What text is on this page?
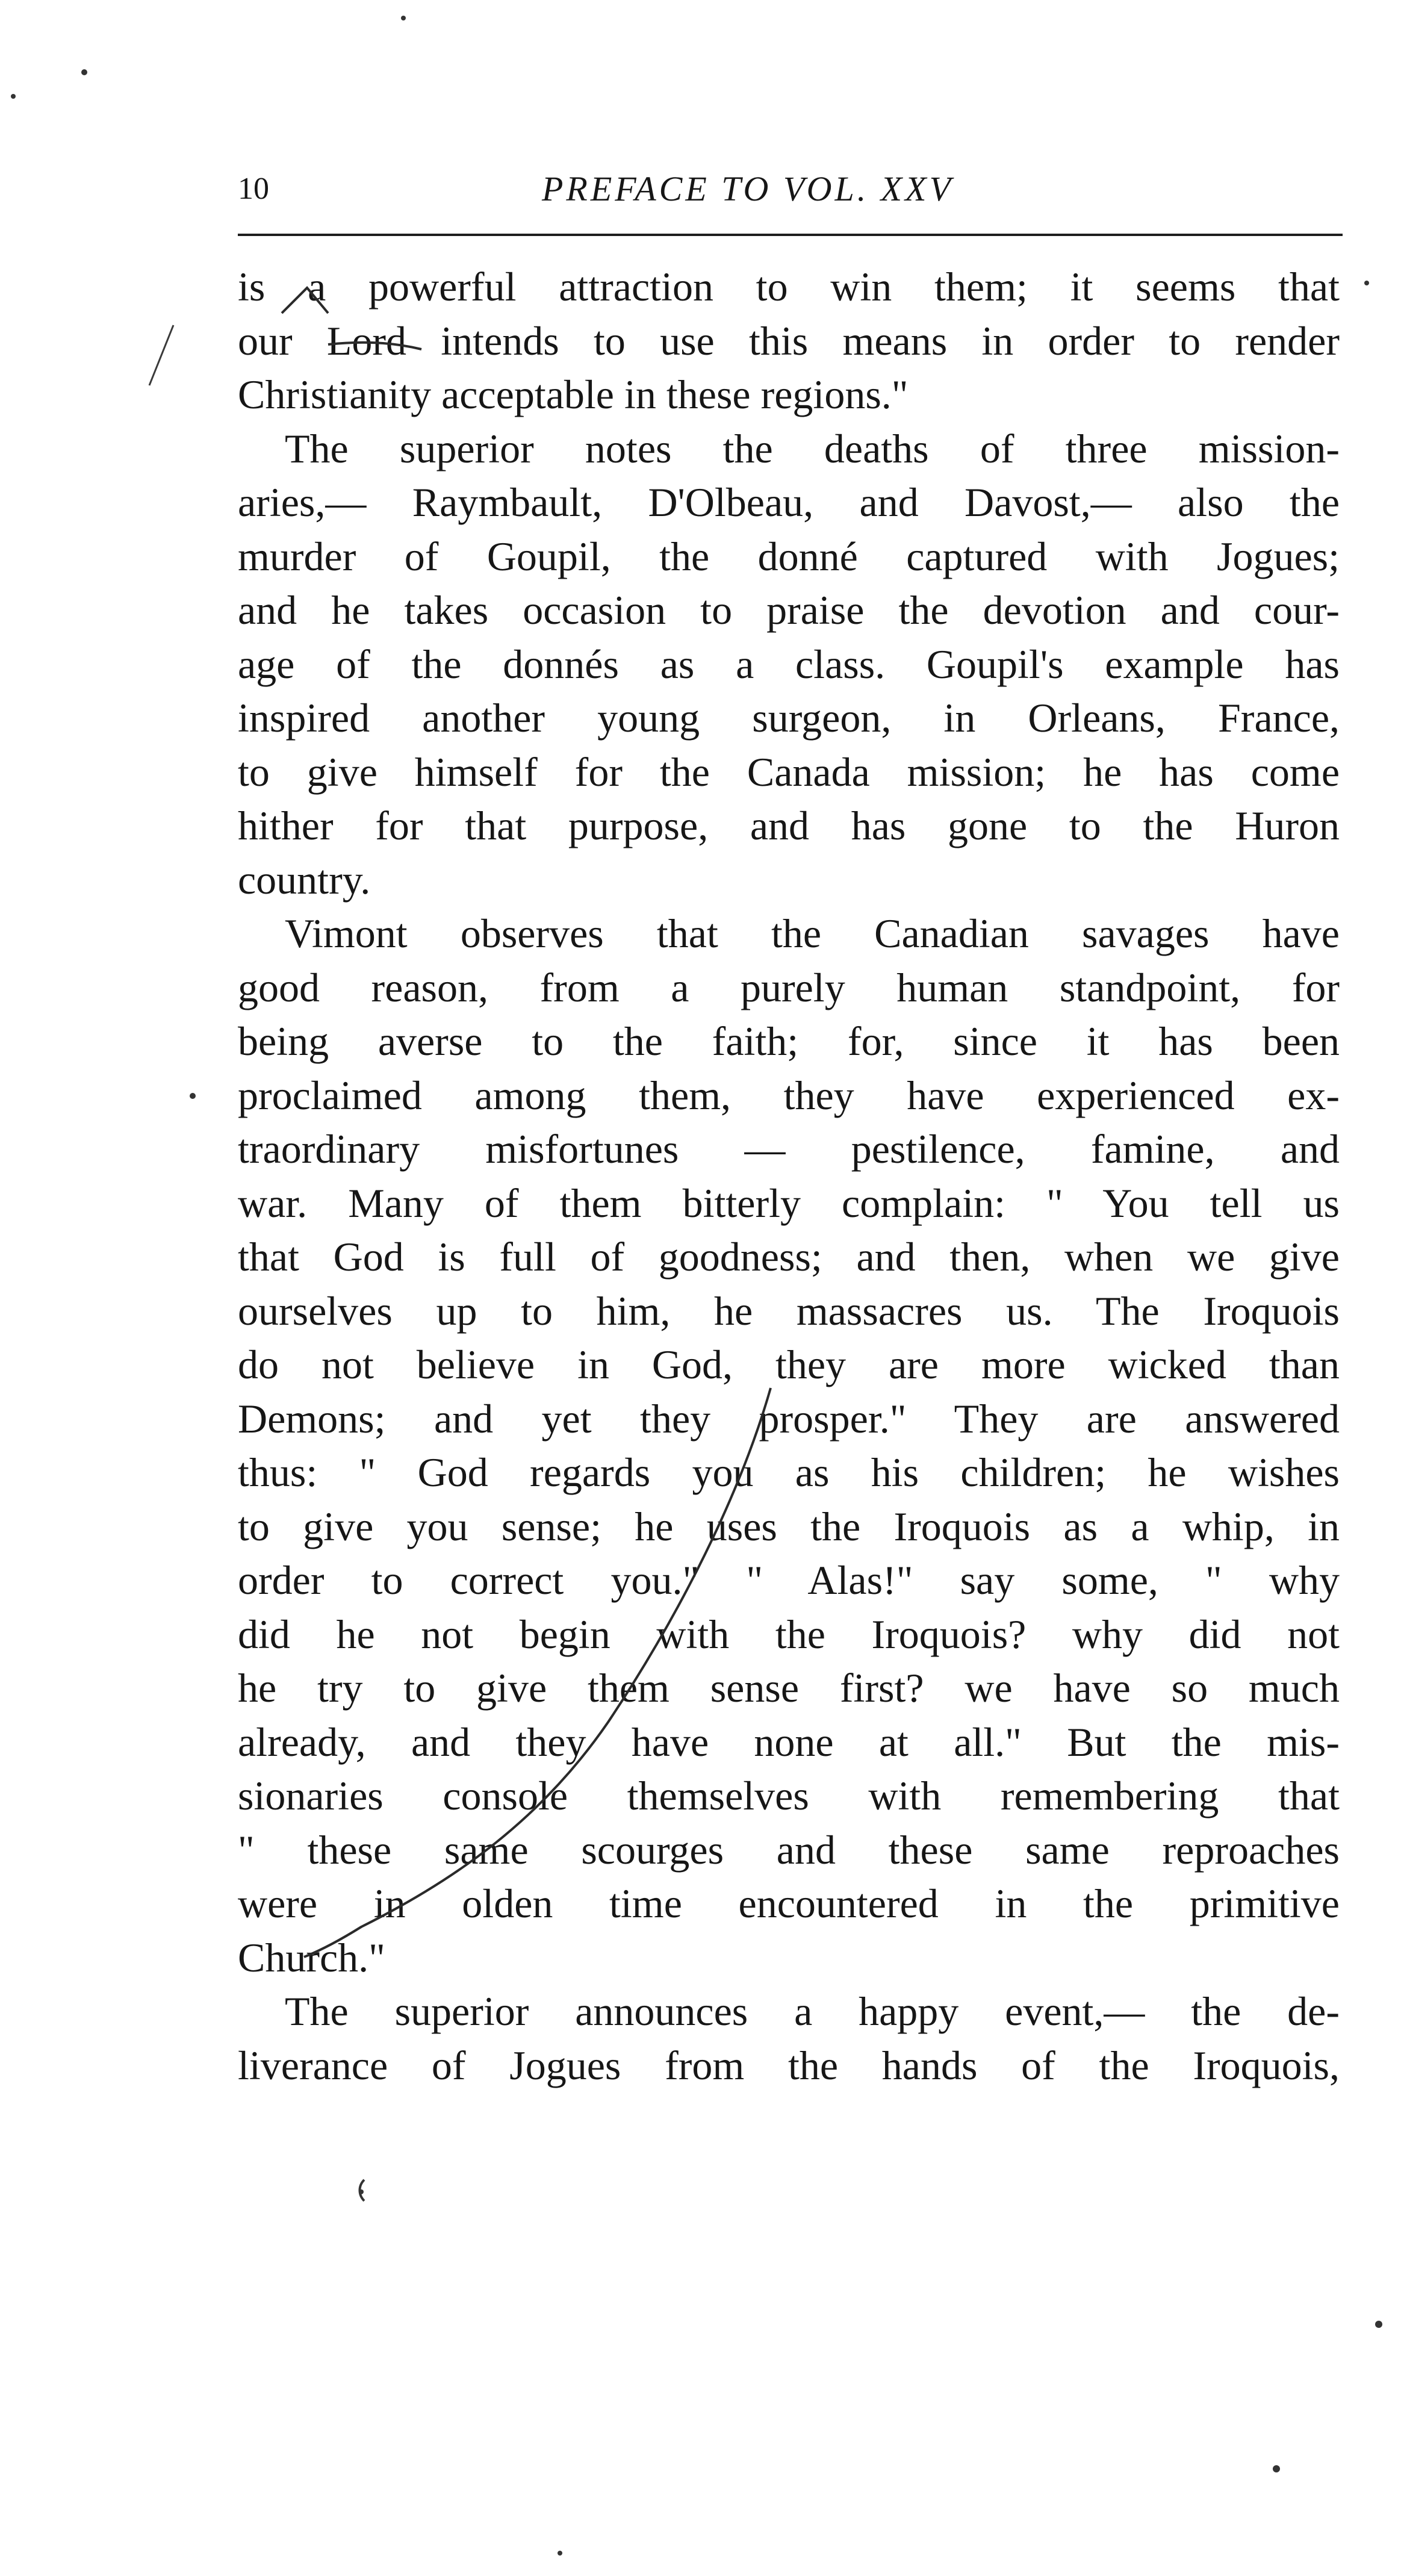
10	PREFACE TO VOL. XXV
is a powerful attraction to win them; it seems that
our Lord intends to use this means in order to render
Christianity acceptable in these regions."
The superior notes the deaths of three mission-
aries,— Raymbault, D'Olbeau, and Davost,— also the
murder of Goupil, the donné captured with Jogues;
and he takes occasion to praise the devotion and cour-
age of the donnés as a class. Goupil's example has
inspired another young surgeon, in Orleans, France,
to give himself for the Canada mission; he has come
hither for that purpose, and has gone to the Huron
country.
Vimont observes that the Canadian savages have
good reason, from a purely human standpoint, for
being averse to the faith; for, since it has been
proclaimed among them, they have experienced ex-
traordinary misfortunes — pestilence, famine, and
war. Many of them bitterly complain: " You tell us
that God is full of goodness; and then, when we give
ourselves up to him, he massacres us. The Iroquois
do not believe in God, they are more wicked than
Demons; and yet they prosper." They are answered
thus: " God regards you as his children; he wishes
to give you sense; he uses the Iroquois as a whip, in
order to correct you." " Alas!" say some, " why
did he not begin with the Iroquois? why did not
he try to give them sense first? we have so much
already, and they have none at all." But the mis-
sionaries console themselves with remembering that
" these same scourges and these same reproaches
were in olden time encountered in the primitive
Church."
The superior announces a happy event,— the de-
liverance of Jogues from the hands of the Iroquois,
